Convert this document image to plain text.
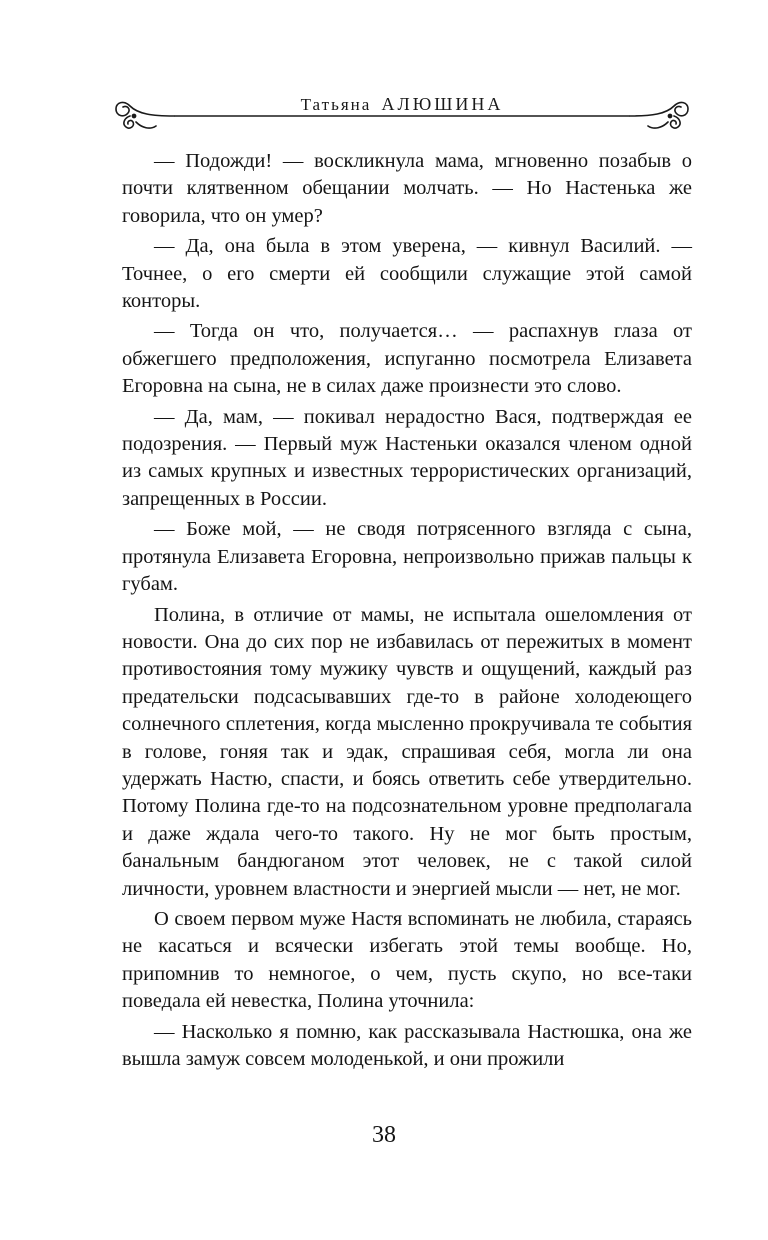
Татьяна АЛЮШИНА

— Подожди! — воскликнула мама, мгновенно позабыв о почти клятвенном обещании молчать. — Но Настенька же говорила, что он умер?

— Да, она была в этом уверена, — кивнул Василий. — Точнее, о его смерти ей сообщили служащие этой самой конторы.

— Тогда он что, получается… — распахнув глаза от обжегшего предположения, испуганно посмотрела Елизавета Егоровна на сына, не в силах даже произнести это слово.

— Да, мам, — покивал нерадостно Вася, подтверждая ее подозрения. — Первый муж Настеньки оказался членом одной из самых крупных и известных террористических организаций, запрещенных в России.

— Боже мой, — не сводя потрясенного взгляда с сына, протянула Елизавета Егоровна, непроизвольно прижав пальцы к губам.

Полина, в отличие от мамы, не испытала ошеломления от новости. Она до сих пор не избавилась от пережитых в момент противостояния тому мужику чувств и ощущений, каждый раз предательски подсасывавших где-то в районе холодеющего солнечного сплетения, когда мысленно прокручивала те события в голове, гоняя так и эдак, спрашивая себя, могла ли она удержать Настю, спасти, и боясь ответить себе утвердительно. Потому Полина где-то на подсознательном уровне предполагала и даже ждала чего-то такого. Ну не мог быть простым, банальным бандюганом этот человек, не с такой силой личности, уровнем властности и энергией мысли — нет, не мог.

О своем первом муже Настя вспоминать не любила, стараясь не касаться и всячески избегать этой темы вообще. Но, припомнив то немногое, о чем, пусть скупо, но все-таки поведала ей невестка, Полина уточнила:

— Насколько я помню, как рассказывала Настюшка, она же вышла замуж совсем молоденькой, и они прожили

38
